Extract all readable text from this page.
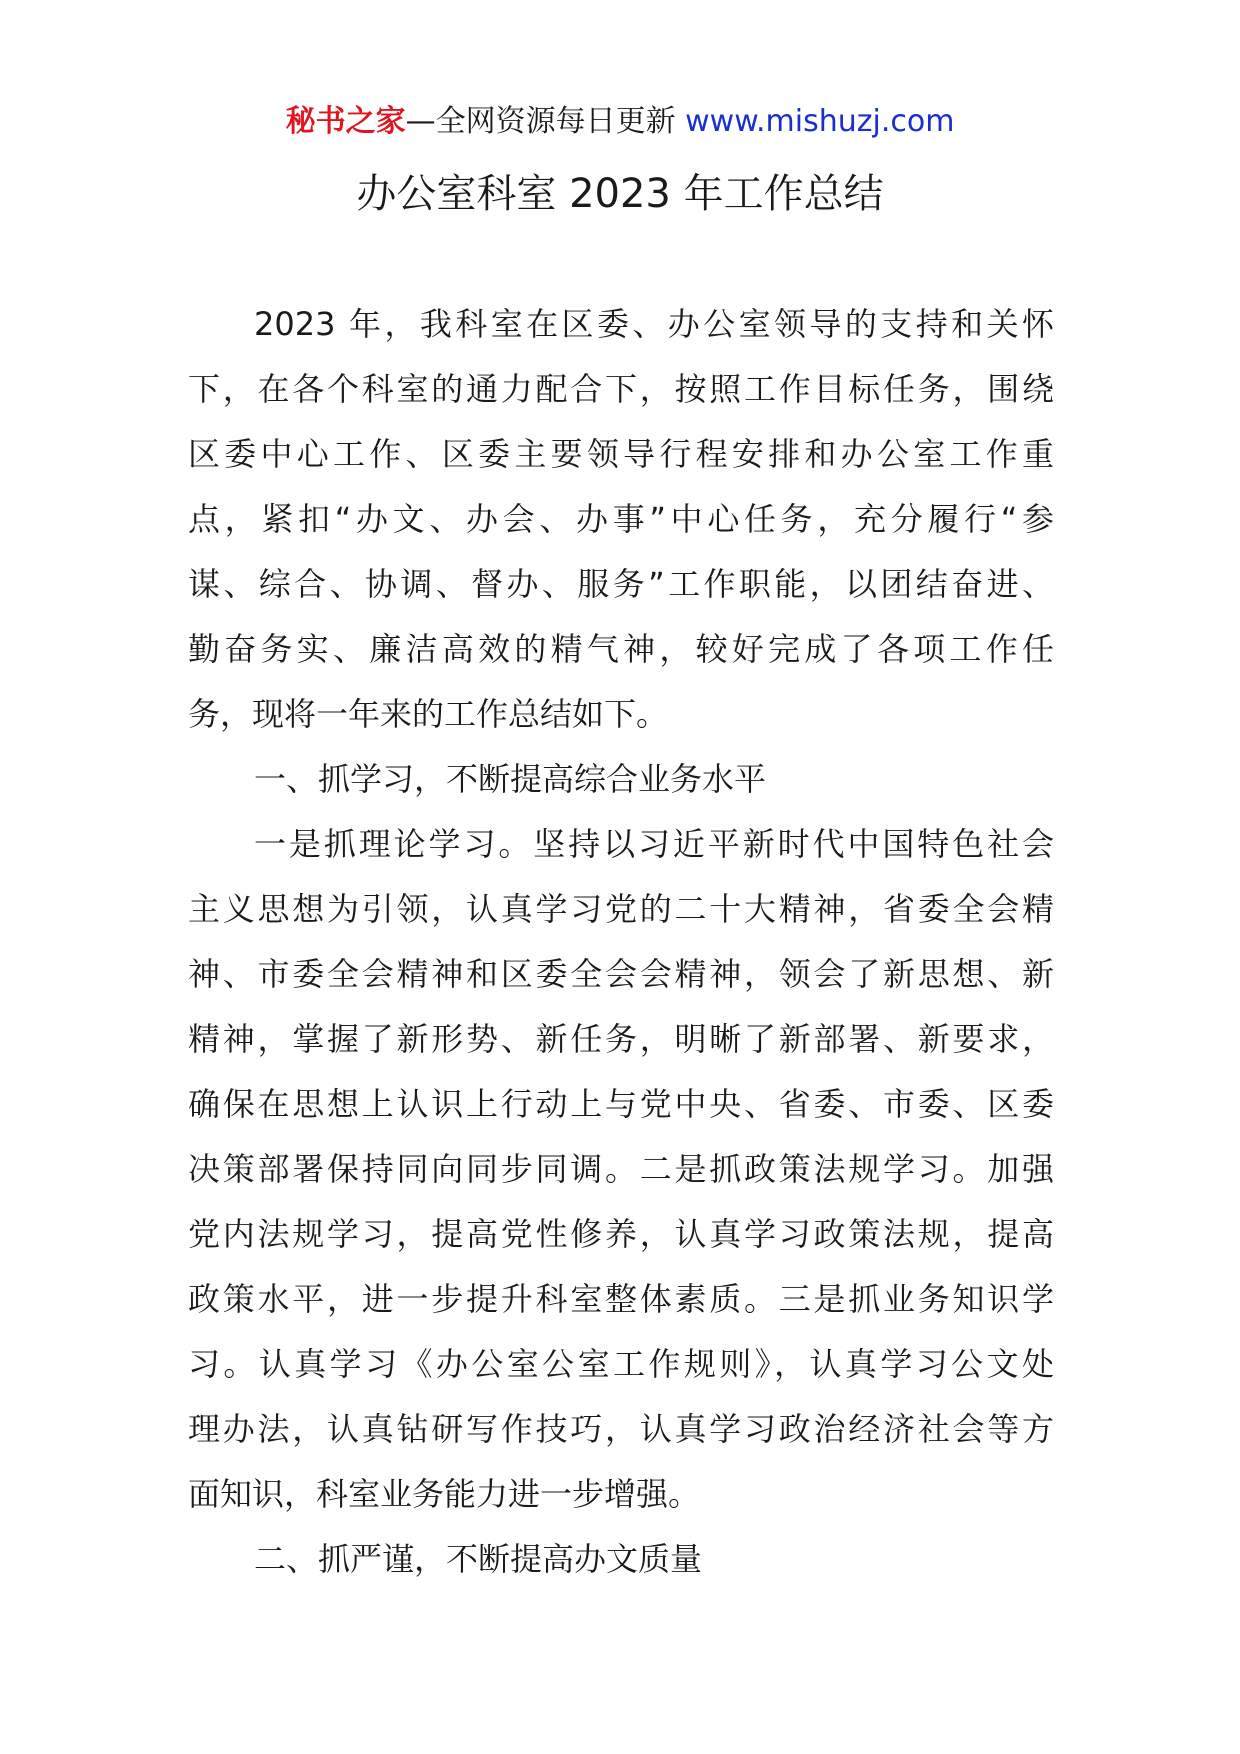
秘书之家—全网资源每日更新 www.mishuzj.com
办公室科室 2023 年工作总结
2023 年，我科室在区委、办公室领导的支持和关怀
下，在各个科室的通力配合下，按照工作目标任务，围绕
区委中心工作、区委主要领导行程安排和办公室工作重
点，紧扣“办文、办会、办事”中心任务，充分履行“参
谋、综合、协调、督办、服务”工作职能，以团结奋进、
勤奋务实、廉洁高效的精气神，较好完成了各项工作任
务，现将一年来的工作总结如下。
一、抓学习，不断提高综合业务水平
一是抓理论学习。坚持以习近平新时代中国特色社会
主义思想为引领，认真学习党的二十大精神，省委全会精
神、市委全会精神和区委全会会精神，领会了新思想、新
精神，掌握了新形势、新任务，明晰了新部署、新要求，
确保在思想上认识上行动上与党中央、省委、市委、区委
决策部署保持同向同步同调。二是抓政策法规学习。加强
党内法规学习，提高党性修养，认真学习政策法规，提高
政策水平，进一步提升科室整体素质。三是抓业务知识学
习。认真学习《办公室公室工作规则》，认真学习公文处
理办法，认真钻研写作技巧，认真学习政治经济社会等方
面知识，科室业务能力进一步增强。
二、抓严谨，不断提高办文质量
